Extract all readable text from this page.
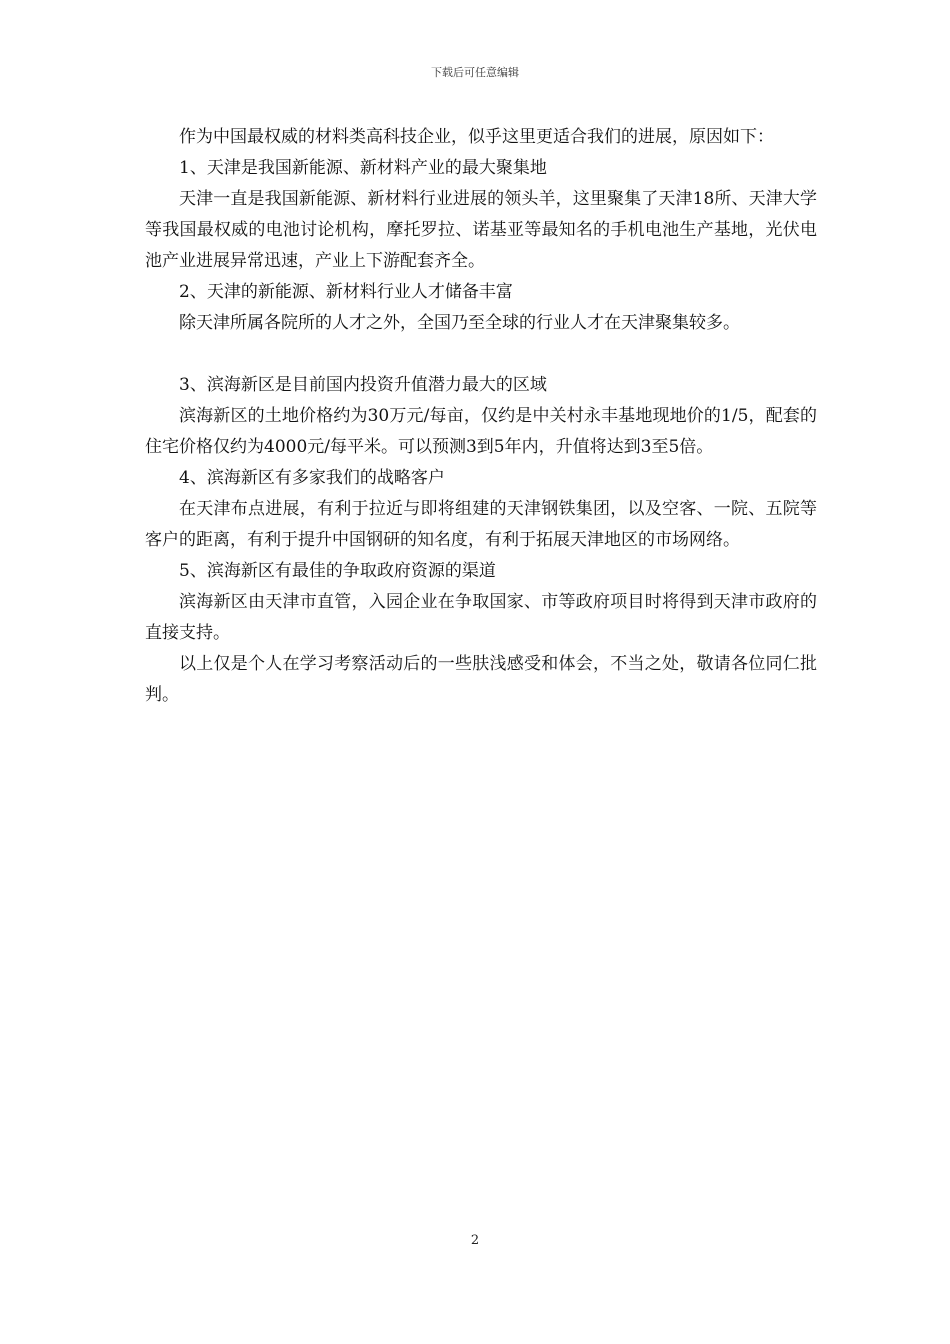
下载后可任意编辑

作为中国最权威的材料类高科技企业，似乎这里更适合我们的进展，原因如下：

1、天津是我国新能源、新材料产业的最大聚集地

天津一直是我国新能源、新材料行业进展的领头羊，这里聚集了天津18所、天津大学等我国最权威的电池讨论机构，摩托罗拉、诺基亚等最知名的手机电池生产基地，光伏电池产业进展异常迅速，产业上下游配套齐全。

2、天津的新能源、新材料行业人才储备丰富

除天津所属各院所的人才之外，全国乃至全球的行业人才在天津聚集较多。

3、滨海新区是目前国内投资升值潜力最大的区域

滨海新区的土地价格约为30万元/每亩，仅约是中关村永丰基地现地价的1/5，配套的住宅价格仅约为4000元/每平米。可以预测3到5年内，升值将达到3至5倍。

4、滨海新区有多家我们的战略客户

在天津布点进展，有利于拉近与即将组建的天津钢铁集团，以及空客、一院、五院等客户的距离，有利于提升中国钢研的知名度，有利于拓展天津地区的市场网络。

5、滨海新区有最佳的争取政府资源的渠道

滨海新区由天津市直管，入园企业在争取国家、市等政府项目时将得到天津市政府的直接支持。

以上仅是个人在学习考察活动后的一些肤浅感受和体会，不当之处，敬请各位同仁批判。

2
